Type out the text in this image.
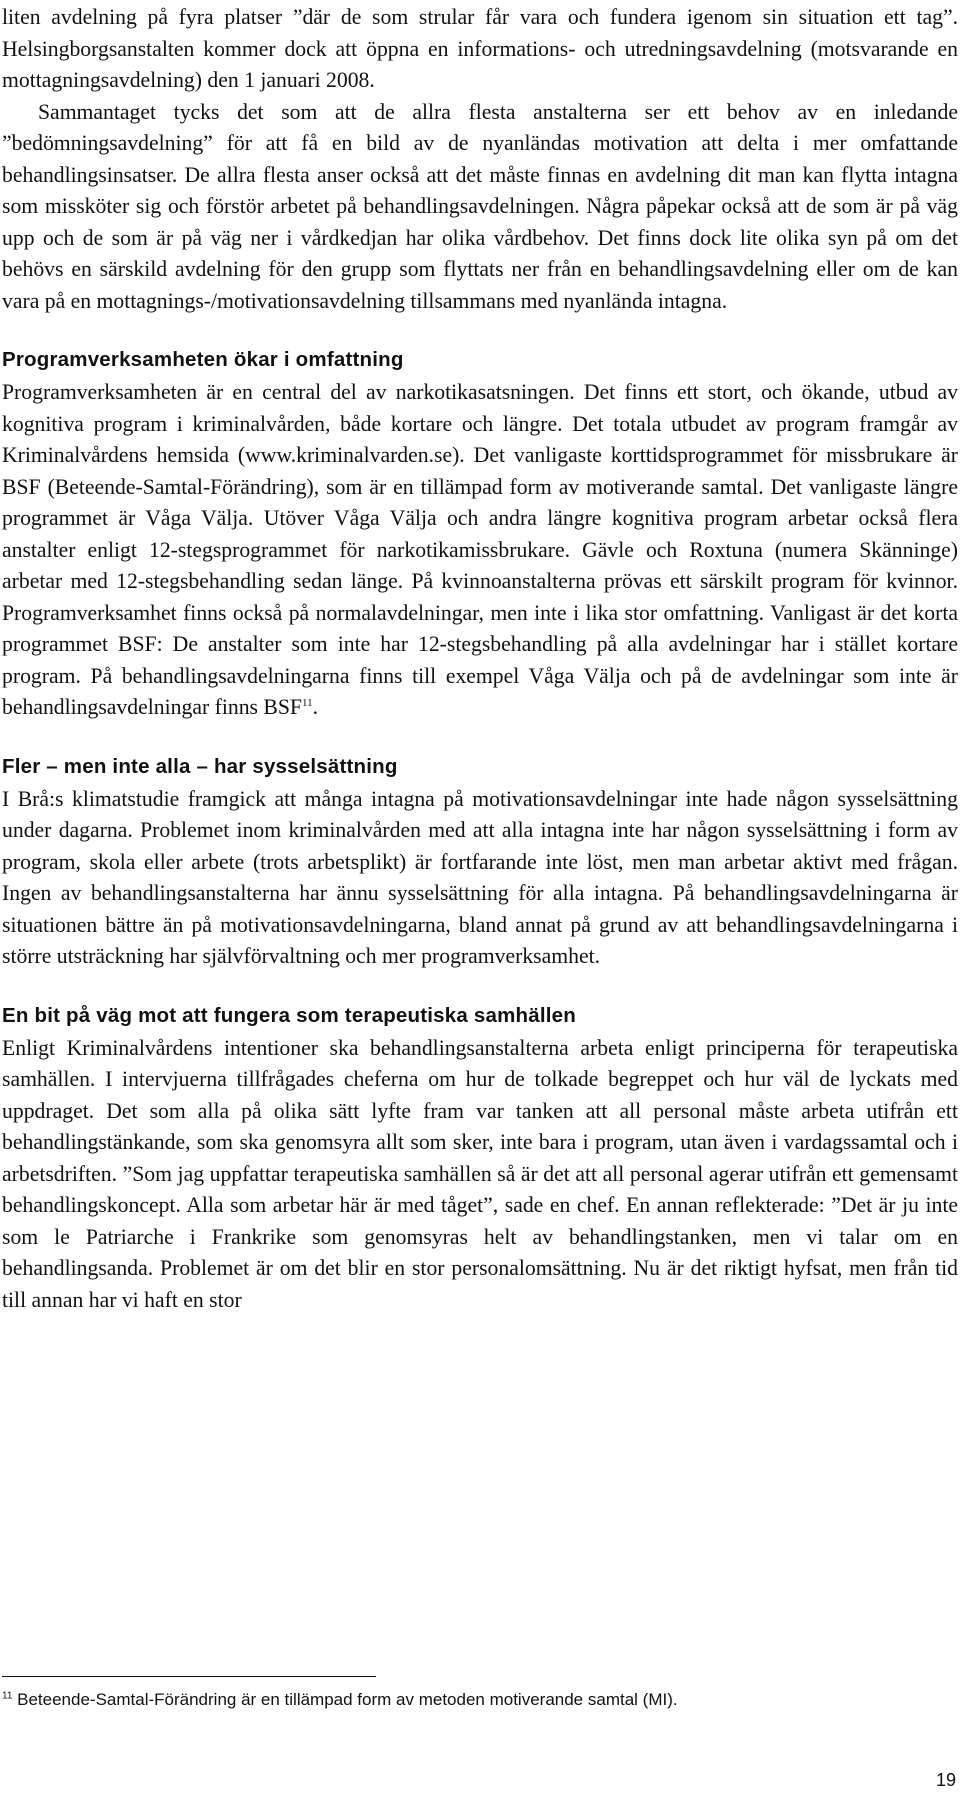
liten avdelning på fyra platser ”där de som strular får vara och fundera igenom sin situation ett tag”. Helsingborgsanstalten kommer dock att öppna en informations- och utredningsavdelning (motsvarande en mottagningsavdelning) den 1 januari 2008.

Sammantaget tycks det som att de allra flesta anstalterna ser ett behov av en inledande ”bedömningsavdelning” för att få en bild av de nyanländas motivation att delta i mer omfattande behandlingsinsatser. De allra flesta anser också att det måste finnas en avdelning dit man kan flytta intagna som missköter sig och förstör arbetet på behandlingsavdelningen. Några påpekar också att de som är på väg upp och de som är på väg ner i vårdkedjan har olika vårdbehov. Det finns dock lite olika syn på om det behövs en särskild avdelning för den grupp som flyttats ner från en behandlingsavdelning eller om de kan vara på en mottagnings-/motivationsavdelning tillsammans med nyanlända intagna.

Programverksamheten ökar i omfattning

Programverksamheten är en central del av narkotikasatsningen. Det finns ett stort, och ökande, utbud av kognitiva program i kriminalvården, både kortare och längre. Det totala utbudet av program framgår av Kriminalvårdens hemsida (www.kriminalvarden.se). Det vanligaste korttidsprogrammet för missbrukare är BSF (Beteende-Samtal-Förändring), som är en tillämpad form av motiverande samtal. Det vanligaste längre programmet är Våga Välja. Utöver Våga Välja och andra längre kognitiva program arbetar också flera anstalter enligt 12-stegsprogrammet för narkotikamissbrukare. Gävle och Roxtuna (numera Skänninge) arbetar med 12-stegsbehandling sedan länge. På kvinnoanstalterna prövas ett särskilt program för kvinnor. Programverksamhet finns också på normalavdelningar, men inte i lika stor omfattning. Vanligast är det korta programmet BSF: De anstalter som inte har 12-stegsbehandling på alla avdelningar har i stället kortare program. På behandlingsavdelningarna finns till exempel Våga Välja och på de avdelningar som inte är behandlingsavdelningar finns BSF$^{11}$.

Fler – men inte alla – har sysselsättning

I Brå:s klimatstudie framgick att många intagna på motivationsavdelningar inte hade någon sysselsättning under dagarna. Problemet inom kriminalvården med att alla intagna inte har någon sysselsättning i form av program, skola eller arbete (trots arbetsplikt) är fortfarande inte löst, men man arbetar aktivt med frågan. Ingen av behandlingsanstalterna har ännu sysselsättning för alla intagna. På behandlingsavdelningarna är situationen bättre än på motivationsavdelningarna, bland annat på grund av att behandlingsavdelningarna i större utsträckning har självförvaltning och mer programverksamhet.

En bit på väg mot att fungera som terapeutiska samhällen

Enligt Kriminalvårdens intentioner ska behandlingsanstalterna arbeta enligt principerna för terapeutiska samhällen. I intervjuerna tillfrågades cheferna om hur de tolkade begreppet och hur väl de lyckats med uppdraget. Det som alla på olika sätt lyfte fram var tanken att all personal måste arbeta utifrån ett behandlingstänkande, som ska genomsyra allt som sker, inte bara i program, utan även i vardagssamtal och i arbetsdriften. ”Som jag uppfattar terapeutiska samhällen så är det att all personal agerar utifrån ett gemensamt behandlingskoncept. Alla som arbetar här är med tåget”, sade en chef. En annan reflekterade: ”Det är ju inte som le Patriarche i Frankrike som genomsyras helt av behandlingstanken, men vi talar om en behandlingsanda. Problemet är om det blir en stor personalomsättning. Nu är det riktigt hyfsat, men från tid till annan har vi haft en stor

$^{11}$ Beteende-Samtal-Förändring är en tillämpad form av metoden motiverande samtal (MI).
19
